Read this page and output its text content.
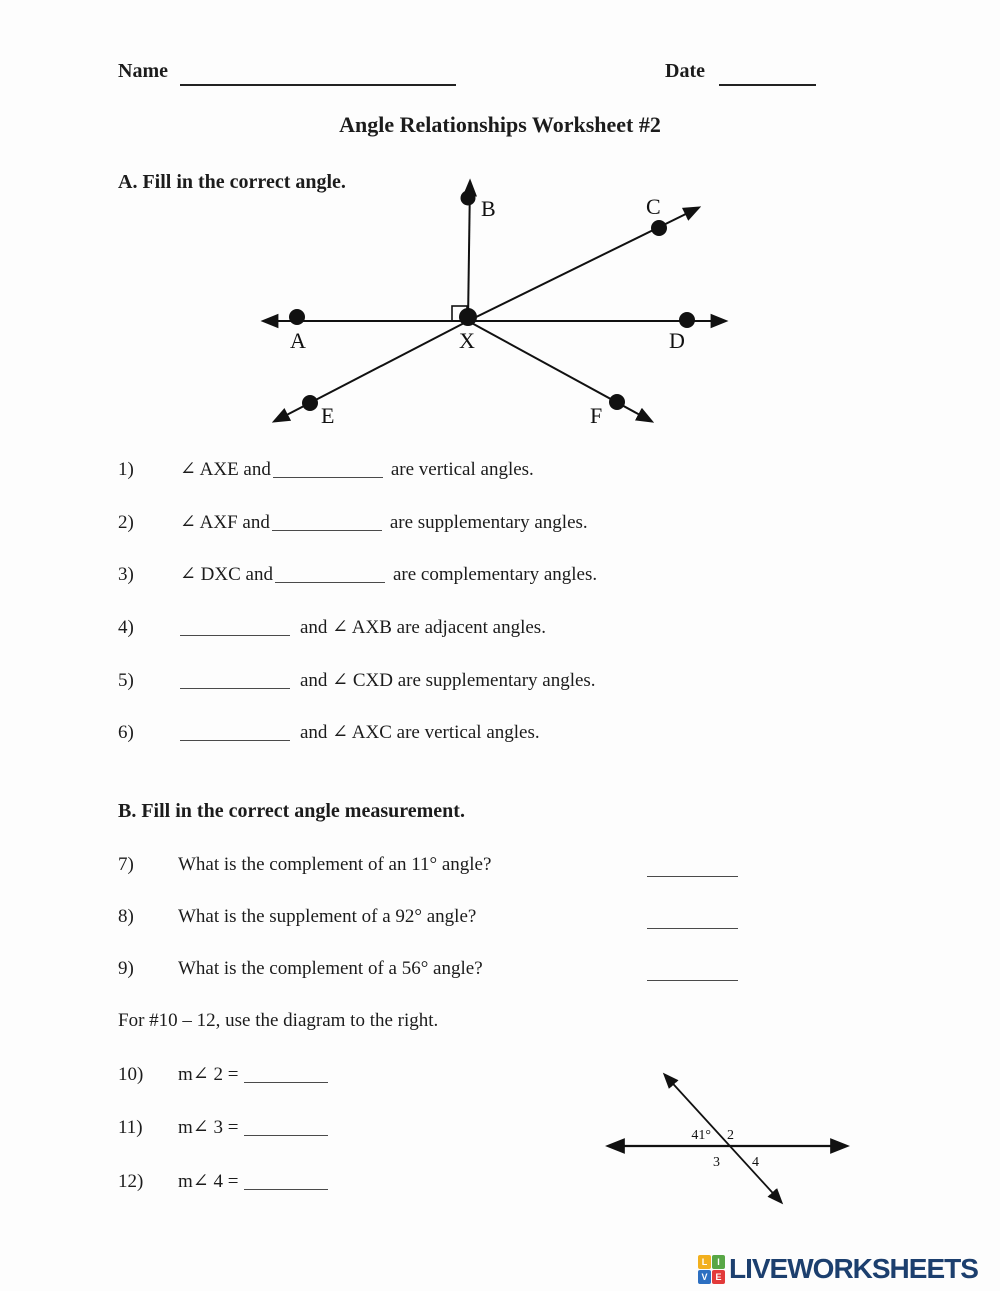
Name	Date
Angle Relationships Worksheet #2
A. Fill in the correct angle.
A
B	C
D
E	F
X
1) ∠ AXE and	are vertical angles.
2) ∠ AXF and	are supplementary angles.
3) ∠ DXC and	are complementary angles.
4)	and ∠ AXB are adjacent angles.
5)	and ∠ CXD are supplementary angles.
6)	and ∠ AXC are vertical angles.
B. Fill in the correct angle measurement.
7) What is the complement of an 11° angle?
8) What is the supplement of a 92° angle?
9) What is the complement of a 56° angle?
For #10 – 12, use the diagram to the right.
10) m∠ 2 =
11) m∠ 3 =
12) m∠ 4 =
41° 2
3 4
L	I
V E LIVEWORKSHEETS
